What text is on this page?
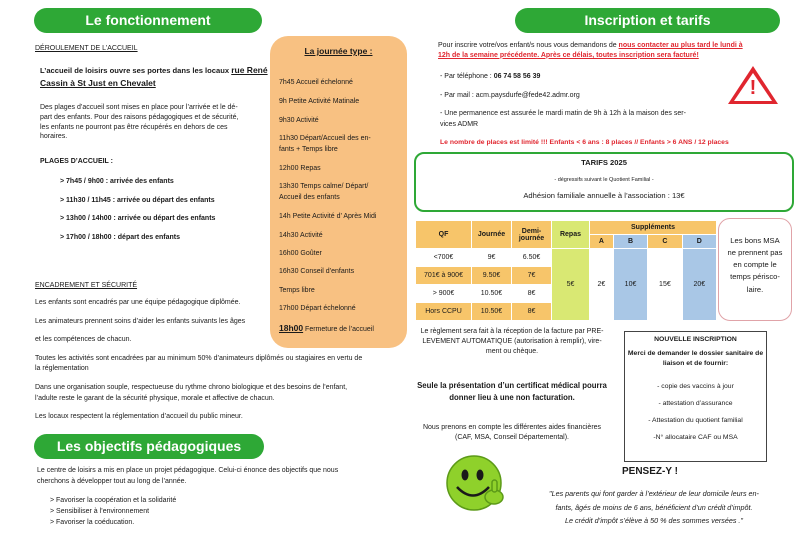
Le fonctionnement
DÉROULEMENT DE L’ACCUEIL
L’accueil de loisirs ouvre ses portes dans les locaux rue René
Cassin à St Just en Chevalet
Des plages d’accueil sont mises en place pour l’arrivée et le dé-
part des enfants. Pour des raisons pédagogiques et de sécurité,
les enfants ne pourront pas être récupérés en dehors de ces
horaires.
PLAGES D’ACCUEIL :
> 7h45 / 9h00 : arrivée des enfants
> 11h30 / 11h45 : arrivée ou départ des enfants
> 13h00 / 14h00 : arrivée ou départ des enfants
> 17h00 / 18h00 : départ des enfants
ENCADREMENT ET SÉCURITÉ
Les enfants sont encadrés par une équipe pédagogique diplômée.
Les animateurs prennent soins d’aider les enfants suivants les âges
et les compétences de chacun.
Toutes les activités sont encadrées par au minimum 50% d’animateurs diplômés ou stagiaires en vertu de
la réglementation
Dans une organisation souple, respectueuse du rythme chrono biologique et des besoins de l’enfant,
l’adulte reste le garant de la sécurité physique, morale et affective de chacun.
Les locaux respectent la réglementation d’accueil du public mineur.
Les objectifs pédagogiques
Le centre de loisirs a mis en place un projet pédagogique. Celui-ci énonce des objectifs que nous
cherchons à développer tout au long de l’année.
> Favoriser la coopération et la solidarité
> Sensibiliser à l’environnement
> Favoriser la coéducation.
La journée type :
7h45 Accueil échelonné
9h Petite Activité Matinale
9h30 Activité
11h30 Départ/Accueil des en-
fants + Temps libre
12h00 Repas
13h30 Temps calme/ Départ/
Accueil des enfants
14h Petite Activité d’ Après Midi
14h30 Activité
16h00 Goûter
16h30 Conseil d’enfants
Temps libre
17h00 Départ échelonné
18h00 Fermeture de l’accueil
Inscription et tarifs
Pour inscrire votre/vos enfant/s nous vous demandons de nous contacter au plus tard le lundi à
12h de la semaine précédente. Après ce délais, toutes inscription sera facturé!
- Par téléphone : 06 74 58 56 39
- Par mail : acm.paysdurfe@fede42.admr.org
- Une permanence est assurée le mardi matin de 9h à 12h à la maison des ser-
vices ADMR
!
Le nombre de places est limité !!! Enfants < 6 ans : 8 places // Enfants > 6 ANS / 12 places
TARIFS 2025
- dégressifs suivant le Quotient Familial -
Adhésion familiale annuelle à l’association : 13€
QF	Journée	Demi-
journée	Repas	Suppléments			
				A	B	C	D
<700€	9€	6.50€	5€	2€	10€	15€	20€
701€ à 900€	9.50€	7€					
> 900€	10.50€	8€					
Hors CCPU	10.50€	8€					
Les bons MSA
ne prennent pas
en compte le
temps périsco-
laire.
Le règlement sera fait à la réception de la facture par PRE-
LEVEMENT AUTOMATIQUE (autorisation à remplir), vire-
ment ou chèque.
Seule la présentation d’un certificat médical pourra
donner lieu à une non facturation.
Nous prenons en compte les différentes aides financières
(CAF, MSA, Conseil Départemental).
NOUVELLE INSCRIPTION
Merci de demander le dossier sanitaire de
liaison et de fournir:
- copie des vaccins à jour
- attestation d’assurance
- Attestation du quotient familial
-N° allocataire CAF ou MSA
PENSEZ-Y !
"Les parents qui font garder à l’extérieur de leur domicile leurs en-
fants, âgés de moins de 6 ans, bénéficient d’un crédit d’impôt.
Le crédit d’impôt s’élève à 50 % des sommes versées ."
